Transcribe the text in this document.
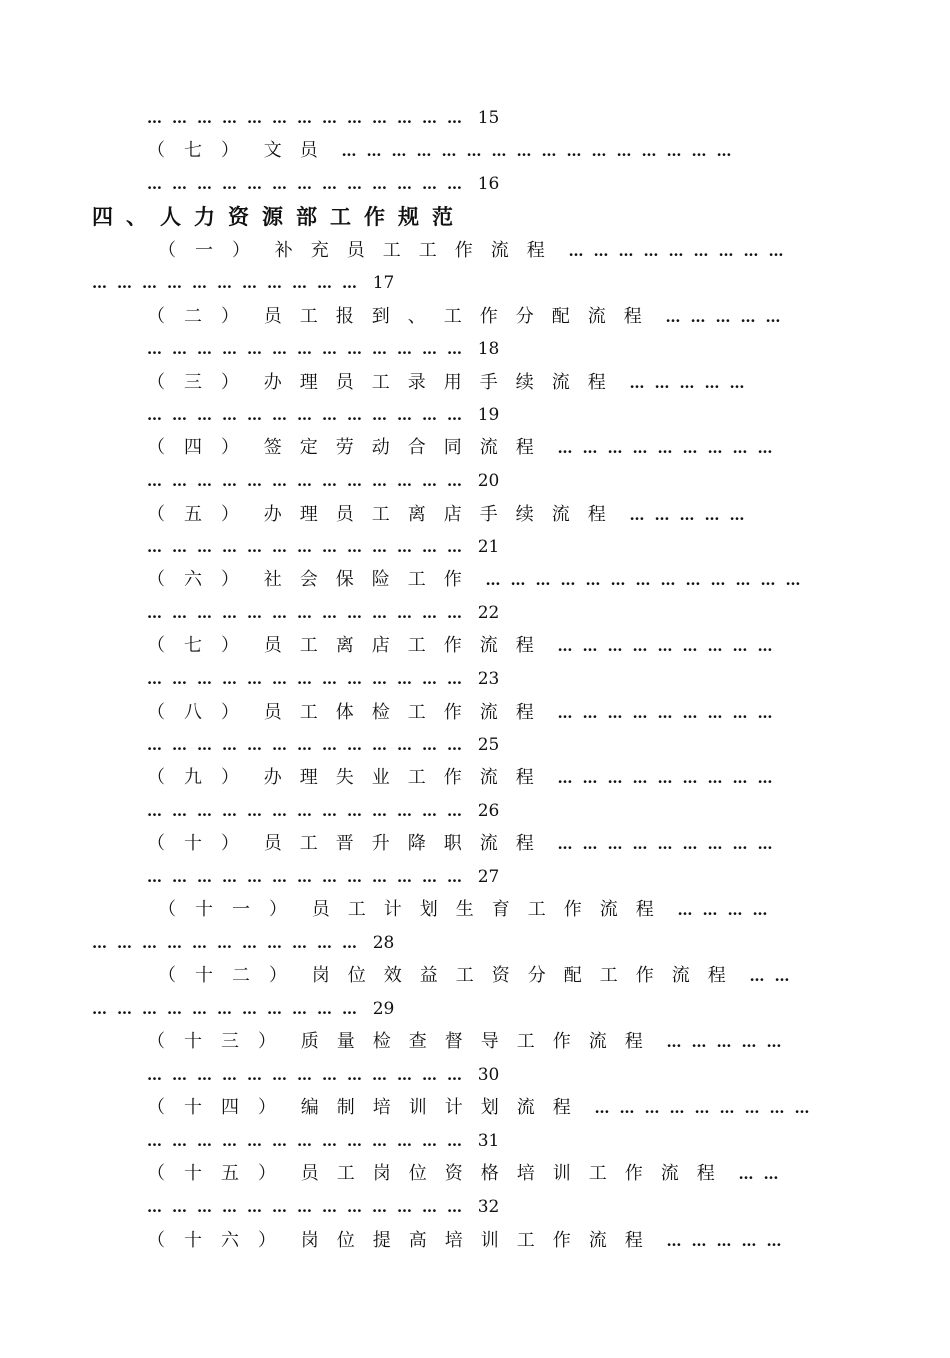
………………………………… 15
（七） 文员 …………………………………………
………………………………… 16
四、人力资源部工作规范
（一） 补充员工工作流程 ………………………
…………………………… 17
（二） 员工报到、工作分配流程 ……………
………………………………… 18
（三） 办理员工录用手续流程 ……………
………………………………… 19
（四） 签定劳动合同流程 ………………………
………………………………… 20
（五） 办理员工离店手续流程 ……………
………………………………… 21
（六） 社会保险工作 …………………………………
………………………………… 22
（七） 员工离店工作流程 ………………………
………………………………… 23
（八） 员工体检工作流程 ………………………
………………………………… 25
（九） 办理失业工作流程 ………………………
………………………………… 26
（十） 员工晋升降职流程 ………………………
………………………………… 27
（十一） 员工计划生育工作流程 …………
…………………………… 28
（十二） 岗位效益工资分配工作流程 ……
…………………………… 29
（十三） 质量检查督导工作流程 ……………
………………………………… 30
（十四） 编制培训计划流程 ………………………
………………………………… 31
（十五） 员工岗位资格培训工作流程 ……
………………………………… 32
（十六） 岗位提高培训工作流程 ……………
